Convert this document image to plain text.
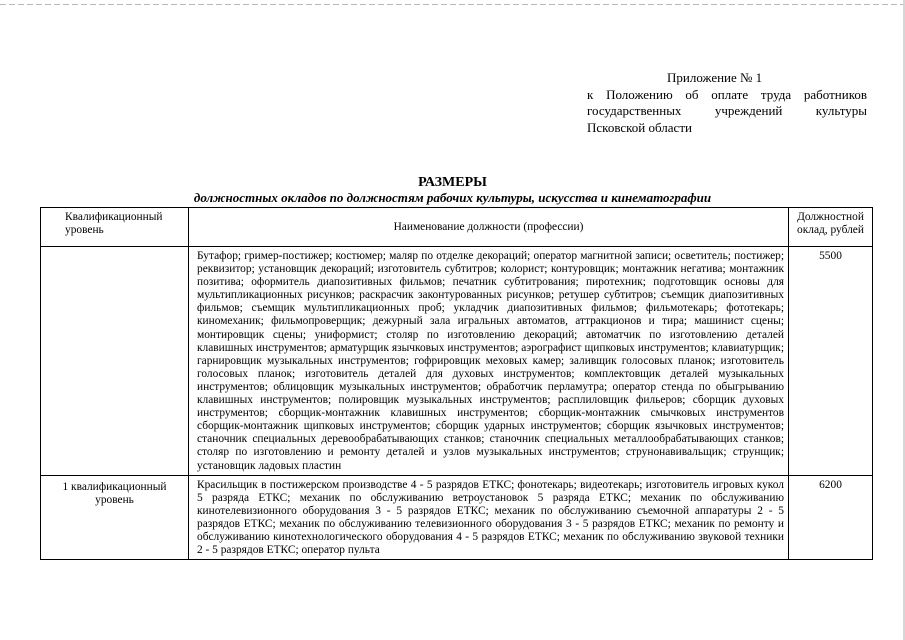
Приложение № 1
к Положению об оплате труда работников
государственных учреждений культуры
Псковской области
РАЗМЕРЫ
должностных окладов по должностям рабочих культуры, искусства и кинематографии
Квалификационный уровень	Наименование должности (профессии)	Должностной оклад, рублей
	Бутафор; гример-постижер; костюмер; маляр по отделке декораций; оператор магнитной записи; осветитель; постижер; реквизитор; установщик декораций; изготовитель субтитров; колорист; контуровщик; монтажник негатива; монтажник позитива; оформитель диапозитивных фильмов; печатник субтитрования; пиротехник; подготовщик основы для мультипликационных рисунков; раскрасчик законтурованных рисунков; ретушер субтитров; съемщик диапозитивных фильмов; съемщик мультипликационных проб; укладчик диапозитивных фильмов; фильмотекарь; фототекарь; киномеханик; фильмопроверщик; дежурный зала игральных автоматов, аттракционов и тира; машинист сцены; монтировщик сцены; униформист; столяр по изготовлению декораций; автоматчик по изготовлению деталей клавишных инструментов; арматурщик язычковых инструментов; аэрографист щипковых инструментов; клавиатурщик; гарнировщик музыкальных инструментов; гофрировщик меховых камер; заливщик голосовых планок; изготовитель голосовых планок; изготовитель деталей для духовых инструментов; комплектовщик деталей музыкальных инструментов; облицовщик музыкальных инструментов; обработчик перламутра; оператор стенда по обыгрыванию клавишных инструментов; полировщик музыкальных инструментов; расплиловщик фильеров; сборщик духовых инструментов; сборщик-монтажник клавишных инструментов; сборщик-монтажник смычковых инструментов сборщик-монтажник щипковых инструментов; сборщик ударных инструментов; сборщик язычковых инструментов; станочник специальных деревообрабатывающих станков; станочник специальных металлообрабатывающих станков; столяр по изготовлению и ремонту деталей и узлов музыкальных инструментов; струнонавивальщик; струнщик; установщик ладовых пластин	5500
1 квалификационный уровень	Красильщик в постижерском производстве 4 - 5 разрядов ЕТКС; фонотекарь; видеотекарь; изготовитель игровых кукол 5 разряда ЕТКС; механик по обслуживанию ветроустановок 5 разряда ЕТКС; механик по обслуживанию кинотелевизионного оборудования 3 - 5 разрядов ЕТКС; механик по обслуживанию съемочной аппаратуры 2 - 5 разрядов ЕТКС; механик по обслуживанию телевизионного оборудования 3 - 5 разрядов ЕТКС; механик по ремонту и обслуживанию кинотехнологического оборудования 4 - 5 разрядов ЕТКС; механик по обслуживанию звуковой техники 2 - 5 разрядов ЕТКС; оператор пульта	6200
